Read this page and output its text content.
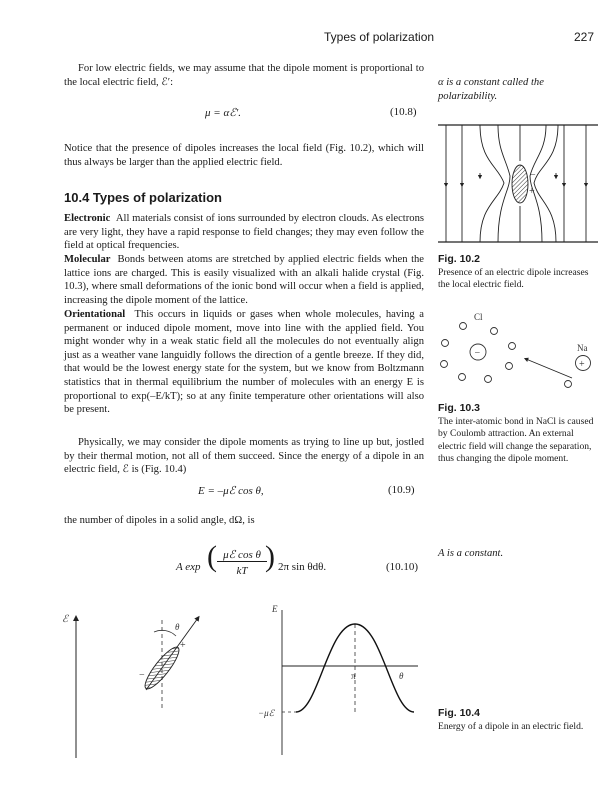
Types of polarization	227
For low electric fields, we may assume that the dipole moment is proportional to the local electric field, ℰ′:
μ = αℰ′.	(10.8)
Notice that the presence of dipoles increases the local field (Fig. 10.2), which will thus always be larger than the applied electric field.
α is a constant called the polarizability.
10.4 Types of polarization
Electronic All materials consist of ions surrounded by electron clouds. As electrons are very light, they have a rapid response to field changes; they may even follow the field at optical frequencies.
Molecular Bonds between atoms are stretched by applied electric fields when the lattice ions are charged. This is easily visualized with an alkali halide crystal (Fig. 10.3), where small deformations of the ionic bond will occur when a field is applied, increasing the dipole moment of the lattice.
Orientational This occurs in liquids or gases when whole molecules, having a permanent or induced dipole moment, move into line with the applied field. You might wonder why in a weak static field all the molecules do not eventually align just as a weather vane languidly follows the direction of a gentle breeze. If they did, that would be the lowest energy state for the system, but we know from Boltzmann statistics that in thermal equilibrium the number of molecules with an energy E is proportional to exp(–E/kT); so at any finite temperature other orientations will also be present.
Physically, we may consider the dipole moments as trying to line up but, jostled by their thermal motion, not all of them succeed. Since the energy of a dipole in an electric field, ℰ is (Fig. 10.4)
E = –μℰ cos θ,	(10.9)
the number of dipoles in a solid angle, dΩ, is
A exp ( μℰ cos θ
kT ) 2π sin θdθ.	(10.10)
A is a constant.
−
+
Fig. 10.2
Presence of an electric dipole increases the local electric field.
Cl
Na
−
+
Fig. 10.3
The inter-atomic bond in NaCl is caused by Coulomb attraction. An external electric field will change the separation, thus changing the dipole moment.
ℰ
θ
+
−
E
π	θ
−μℰ	Fig. 10.4
Energy of a dipole in an electric field.
